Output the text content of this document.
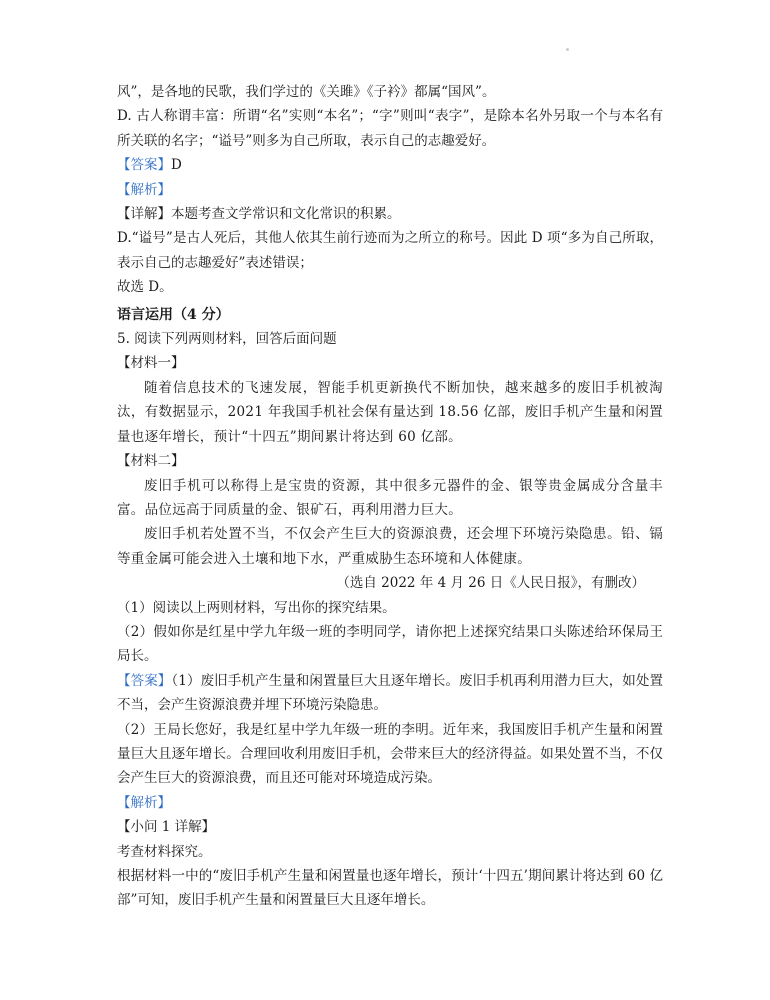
风”，是各地的民歌，我们学过的《关雎》《子衿》都属“国风”。

D. 古人称谓丰富：所谓“名”实则“本名”；“字”则叫“表字”，是除本名外另取一个与本名有所关联的名字；“谥号”则多为自己所取，表示自己的志趣爱好。

【答案】D

【解析】

【详解】本题考查文学常识和文化常识的积累。

D.“谥号”是古人死后，其他人依其生前行迹而为之所立的称号。因此 D 项“多为自己所取，表示自己的志趣爱好”表述错误；

故选 D。

语言运用（4 分）

5. 阅读下列两则材料，回答后面问题

【材料一】

随着信息技术的飞速发展，智能手机更新换代不断加快，越来越多的废旧手机被淘汰，有数据显示，2021 年我国手机社会保有量达到 18.56 亿部，废旧手机产生量和闲置量也逐年增长，预计“十四五”期间累计将达到 60 亿部。

【材料二】

废旧手机可以称得上是宝贵的资源，其中很多元器件的金、银等贵金属成分含量丰富。品位远高于同质量的金、银矿石，再利用潜力巨大。

废旧手机若处置不当，不仅会产生巨大的资源浪费，还会埋下环境污染隐患。铅、镉等重金属可能会进入土壤和地下水，严重威胁生态环境和人体健康。

（选自 2022 年 4 月 26 日《人民日报》，有删改）

（1）阅读以上两则材料，写出你的探究结果。

（2）假如你是红星中学九年级一班的李明同学，请你把上述探究结果口头陈述给环保局王局长。

【答案】（1）废旧手机产生量和闲置量巨大且逐年增长。废旧手机再利用潜力巨大，如处置不当，会产生资源浪费并埋下环境污染隐患。

（2）王局长您好，我是红星中学九年级一班的李明。近年来，我国废旧手机产生量和闲置量巨大且逐年增长。合理回收利用废旧手机，会带来巨大的经济得益。如果处置不当，不仅会产生巨大的资源浪费，而且还可能对环境造成污染。

【解析】

【小问 1 详解】

考查材料探究。

根据材料一中的“废旧手机产生量和闲置量也逐年增长，预计‘十四五’期间累计将达到 60 亿部”可知，废旧手机产生量和闲置量巨大且逐年增长。
